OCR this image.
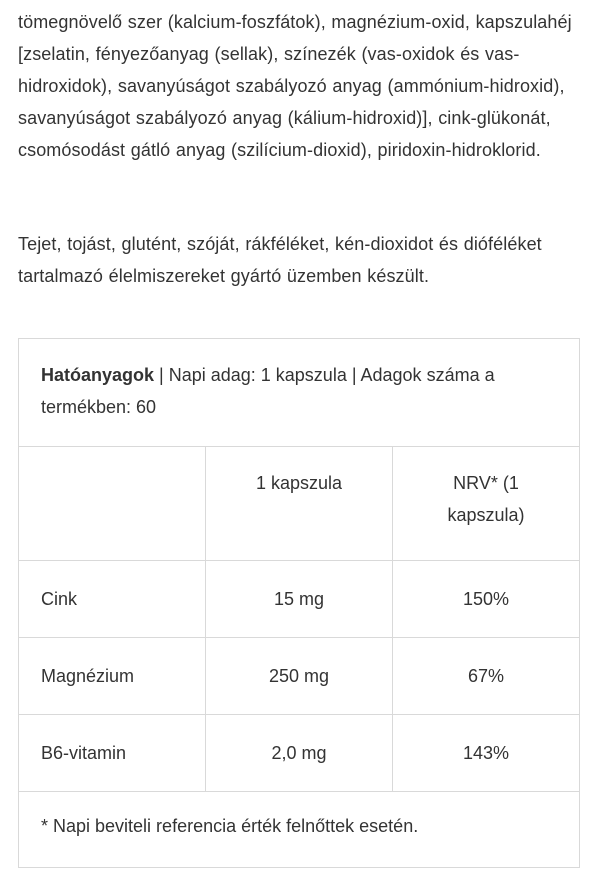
tömegnövelő szer (kalcium-foszfátok), magnézium-oxid, kapszulahéj [zselatin, fényezőanyag (sellak), színezék (vas-oxidok és vas-hidroxidok), savanyúságot szabályozó anyag (ammónium-hidroxid), savanyúságot szabályozó anyag (kálium-hidroxid)], cink-glükonát, csomósodást gátló anyag (szilícium-dioxid), piridoxin-hidroklorid.

Tejet, tojást, glutént, szóját, rákféléket, kén-dioxidot és dióféléket tartalmazó élelmiszereket gyártó üzemben készült.

Hatóanyagok | Napi adag: 1 kapszula | Adagok száma a termékben: 60		
	1 kapszula	NRV* (1 kapszula)
Cink	15 mg	150%
Magnézium	250 mg	67%
B6-vitamin	2,0 mg	143%
* Napi beviteli referencia érték felnőttek esetén.		
